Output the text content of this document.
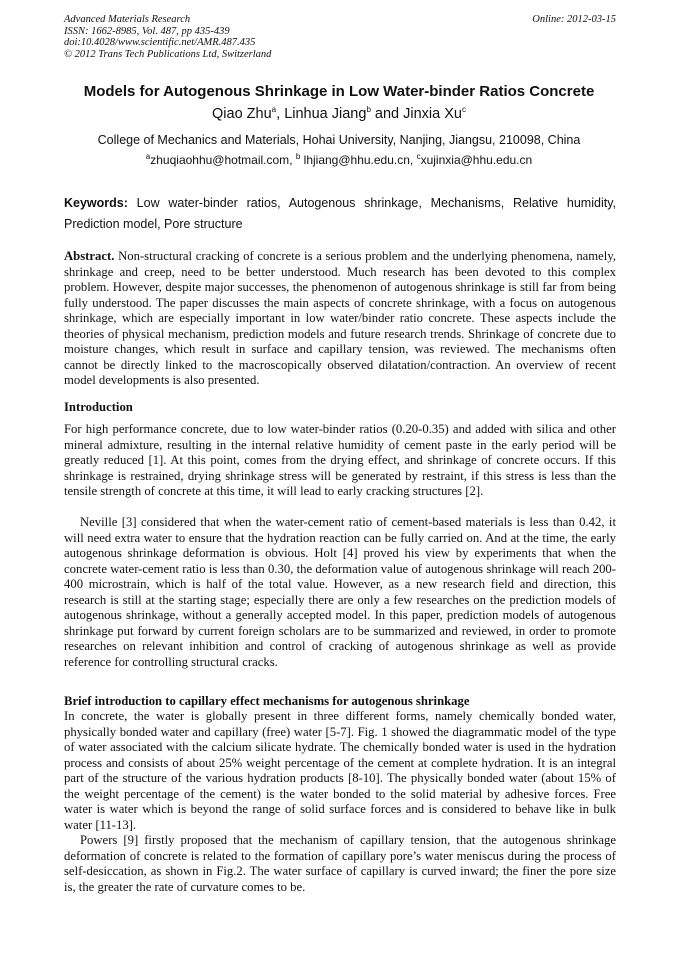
Advanced Materials Research
ISSN: 1662-8985, Vol. 487, pp 435-439
doi:10.4028/www.scientific.net/AMR.487.435
© 2012 Trans Tech Publications Ltd, Switzerland
Online: 2012-03-15
Models for Autogenous Shrinkage in Low Water-binder Ratios Concrete
Qiao Zhu$^a$, Linhua Jiang$^b$ and Jinxia Xu$^c$
College of Mechanics and Materials, Hohai University, Nanjing, Jiangsu, 210098, China
$^a$zhuqiaohhu@hotmail.com, $^b$ lhjiang@hhu.edu.cn, $^c$xujinxia@hhu.edu.cn
Keywords: Low water-binder ratios, Autogenous shrinkage, Mechanisms, Relative humidity, Prediction model, Pore structure

Abstract. Non-structural cracking of concrete is a serious problem and the underlying phenomena, namely, shrinkage and creep, need to be better understood. Much research has been devoted to this complex problem. However, despite major successes, the phenomenon of autogenous shrinkage is still far from being fully understood. The paper discusses the main aspects of concrete shrinkage, with a focus on autogenous shrinkage, which are especially important in low water/binder ratio concrete. These aspects include the theories of physical mechanism, prediction models and future research trends. Shrinkage of concrete due to moisture changes, which result in surface and capillary tension, was reviewed. The mechanisms often cannot be directly linked to the macroscopically observed dilatation/contraction. An overview of recent model developments is also presented.

Introduction

For high performance concrete, due to low water-binder ratios (0.20-0.35) and added with silica and other mineral admixture, resulting in the internal relative humidity of cement paste in the early period will be greatly reduced [1]. At this point, comes from the drying effect, and shrinkage of concrete occurs. If this shrinkage is restrained, drying shrinkage stress will be generated by restraint, if this stress is less than the tensile strength of concrete at this time, it will lead to early cracking structures [2].

Neville [3] considered that when the water-cement ratio of cement-based materials is less than 0.42, it will need extra water to ensure that the hydration reaction can be fully carried on. And at the time, the early autogenous shrinkage deformation is obvious. Holt [4] proved his view by experiments that when the concrete water-cement ratio is less than 0.30, the deformation value of autogenous shrinkage will reach 200-400 microstrain, which is half of the total value. However, as a new research field and direction, this research is still at the starting stage; especially there are only a few researches on the prediction models of autogenous shrinkage, without a generally accepted model. In this paper, prediction models of autogenous shrinkage put forward by current foreign scholars are to be summarized and reviewed, in order to promote researches on relevant inhibition and control of cracking of autogenous shrinkage as well as provide reference for controlling structural cracks.

Brief introduction to capillary effect mechanisms for autogenous shrinkage

In concrete, the water is globally present in three different forms, namely chemically bonded water, physically bonded water and capillary (free) water [5-7]. Fig. 1 showed the diagrammatic model of the type of water associated with the calcium silicate hydrate. The chemically bonded water is used in the hydration process and consists of about 25% weight percentage of the cement at complete hydration. It is an integral part of the structure of the various hydration products [8-10]. The physically bonded water (about 15% of the weight percentage of the cement) is the water bonded to the solid material by adhesive forces. Free water is water which is beyond the range of solid surface forces and is considered to behave like in bulk water [11-13].

Powers [9] firstly proposed that the mechanism of capillary tension, that the autogenous shrinkage deformation of concrete is related to the formation of capillary pore’s water meniscus during the process of self-desiccation, as shown in Fig.2. The water surface of capillary is curved inward; the finer the pore size is, the greater the rate of curvature comes to be.
